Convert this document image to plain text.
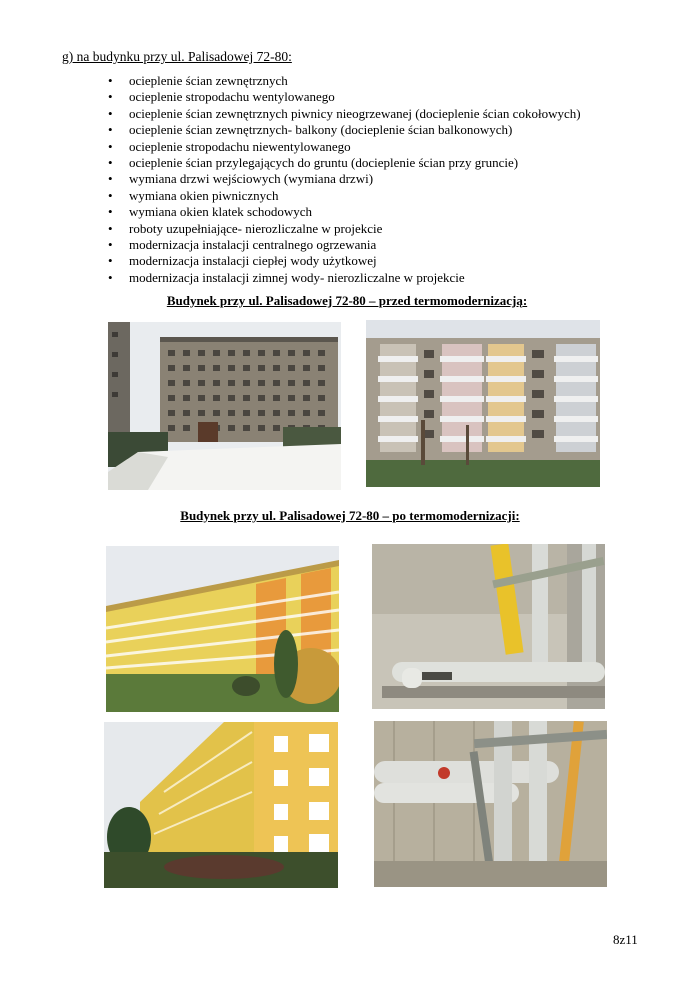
g) na budynku przy ul. Palisadowej 72-80:
• ocieplenie ścian zewnętrznych
• ocieplenie stropodachu wentylowanego
• ocieplenie ścian zewnętrznych piwnicy nieogrzewanej (docieplenie ścian cokołowych)
• ocieplenie ścian zewnętrznych- balkony (docieplenie ścian balkonowych)
• ocieplenie stropodachu niewentylowanego
• ocieplenie ścian przylegających do gruntu (docieplenie ścian przy gruncie)
• wymiana drzwi wejściowych (wymiana drzwi)
• wymiana okien piwnicznych
• wymiana okien klatek schodowych
• roboty uzupełniające- nierozliczalne w projekcie
• modernizacja instalacji centralnego ogrzewania
• modernizacja instalacji ciepłej wody użytkowej
• modernizacja instalacji zimnej wody- nierozliczalne w projekcie
Budynek przy ul. Palisadowej 72-80 – przed termomodernizacją:
Budynek przy ul. Palisadowej 72-80 – po termomodernizacji:
8z11
